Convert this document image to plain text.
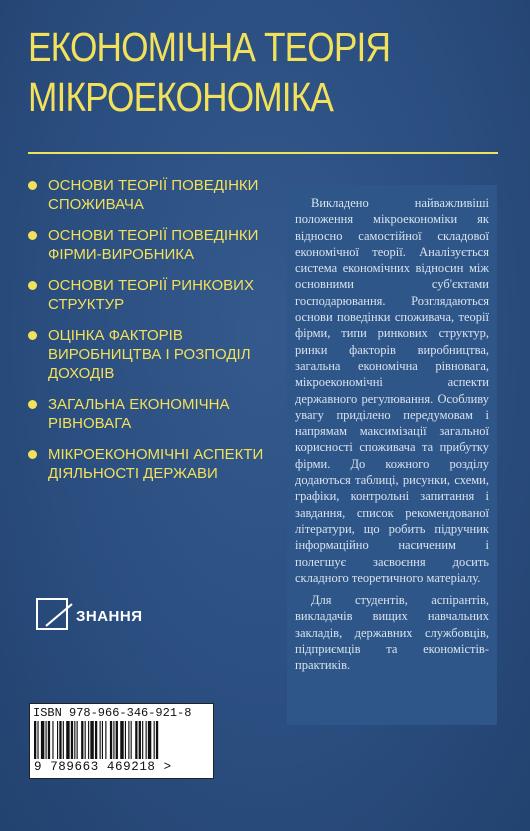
ЕКОНОМІЧНА ТЕОРІЯ
МІКРОЕКОНОМІКА
ОСНОВИ ТЕОРІЇ ПОВЕДІНКИ СПОЖИВАЧА
ОСНОВИ ТЕОРІЇ ПОВЕДІНКИ ФІРМИ-ВИРОБНИКА
ОСНОВИ ТЕОРІЇ РИНКОВИХ СТРУКТУР
ОЦІНКА ФАКТОРІВ ВИРОБНИЦТВА І РОЗПОДІЛ ДОХОДІВ
ЗАГАЛЬНА ЕКОНОМІЧНА РІВНОВАГА
МІКРОЕКОНОМІЧНІ АСПЕКТИ ДІЯЛЬНОСТІ ДЕРЖАВИ

Викладено найважливіші положення мікроекономіки як відносно самостійної складової економічної теорії. Аналізується система економічних відносин між основними суб'єктами господарювання. Розглядаються основи поведінки споживача, теорії фірми, типи ринкових структур, ринки факторів виробництва, загальна економічна рівновага, мікроекономічні аспекти державного регулювання. Особливу увагу приділено передумовам і напрямам максимізації загальної корисності споживача та прибутку фірми. До кожного розділу додаються таблиці, рисунки, схеми, графіки, контрольні запитання і завдання, список рекомендованої літератури, що робить підручник інформаційно насиченим і полегшує засвоєння досить складного теоретичного матеріалу.

Для студентів, аспірантів, викладачів вищих навчальних закладів, державних службовців, підприємців та економістів-практиків.

ЗНАННЯ
ISBN 978-966-346-921-8
9 789663 469218 >
